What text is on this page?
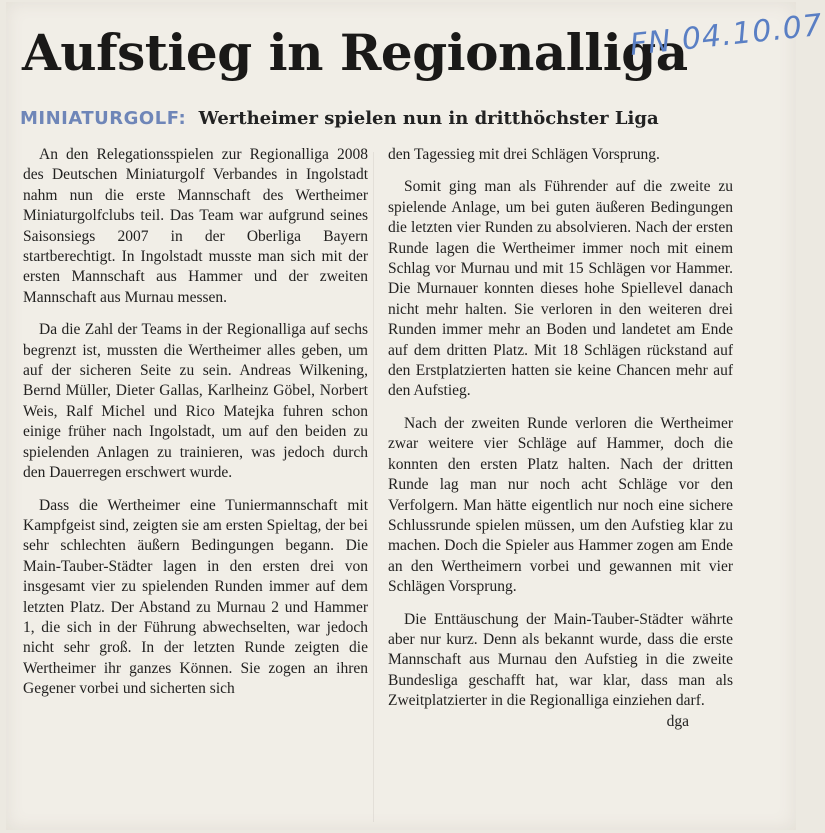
Aufstieg in Regionalliga
FN 04.10.07
MINIATURGOLF: Wertheimer spielen nun in dritthöchster Liga

An den Relegationsspielen zur Regionalliga 2008 des Deutschen Miniaturgolf Verbandes in Ingolstadt nahm nun die erste Mannschaft des Wertheimer Miniaturgolfclubs teil. Das Team war aufgrund seines Saisonsiegs 2007 in der Oberliga Bayern startberechtigt. In Ingolstadt musste man sich mit der ersten Mannschaft aus Hammer und der zweiten Mannschaft aus Murnau messen.

Da die Zahl der Teams in der Regionalliga auf sechs begrenzt ist, mussten die Wertheimer alles geben, um auf der sicheren Seite zu sein. Andreas Wilkening, Bernd Müller, Dieter Gallas, Karlheinz Göbel, Norbert Weis, Ralf Michel und Rico Matejka fuhren schon einige früher nach Ingolstadt, um auf den beiden zu spielenden Anlagen zu trainieren, was jedoch durch den Dauerregen erschwert wurde.

Dass die Wertheimer eine Tuniermannschaft mit Kampfgeist sind, zeigten sie am ersten Spieltag, der bei sehr schlechten äußern Bedingungen begann. Die Main-Tauber-Städter lagen in den ersten drei von insgesamt vier zu spielenden Runden immer auf dem letzten Platz. Der Abstand zu Murnau 2 und Hammer 1, die sich in der Führung abwechselten, war jedoch nicht sehr groß. In der letzten Runde zeigten die Wertheimer ihr ganzes Können. Sie zogen an ihren Gegener vorbei und sicherten sich

den Tagessieg mit drei Schlägen Vorsprung.

Somit ging man als Führender auf die zweite zu spielende Anlage, um bei guten äußeren Bedingungen die letzten vier Runden zu absolvieren. Nach der ersten Runde lagen die Wertheimer immer noch mit einem Schlag vor Murnau und mit 15 Schlägen vor Hammer. Die Murnauer konnten dieses hohe Spiellevel danach nicht mehr halten. Sie verloren in den weiteren drei Runden immer mehr an Boden und landetet am Ende auf dem dritten Platz. Mit 18 Schlägen rückstand auf den Erstplatzierten hatten sie keine Chancen mehr auf den Aufstieg.

Nach der zweiten Runde verloren die Wertheimer zwar weitere vier Schläge auf Hammer, doch die konnten den ersten Platz halten. Nach der dritten Runde lag man nur noch acht Schläge vor den Verfolgern. Man hätte eigentlich nur noch eine sichere Schlussrunde spielen müssen, um den Aufstieg klar zu machen. Doch die Spieler aus Hammer zogen am Ende an den Wertheimern vorbei und gewannen mit vier Schlägen Vorsprung.

Die Enttäuschung der Main-Tauber-Städter währte aber nur kurz. Denn als bekannt wurde, dass die erste Mannschaft aus Murnau den Aufstieg in die zweite Bundesliga geschafft hat, war klar, dass man als Zweitplatzierter in die Regionalliga einziehen darf.
dga
